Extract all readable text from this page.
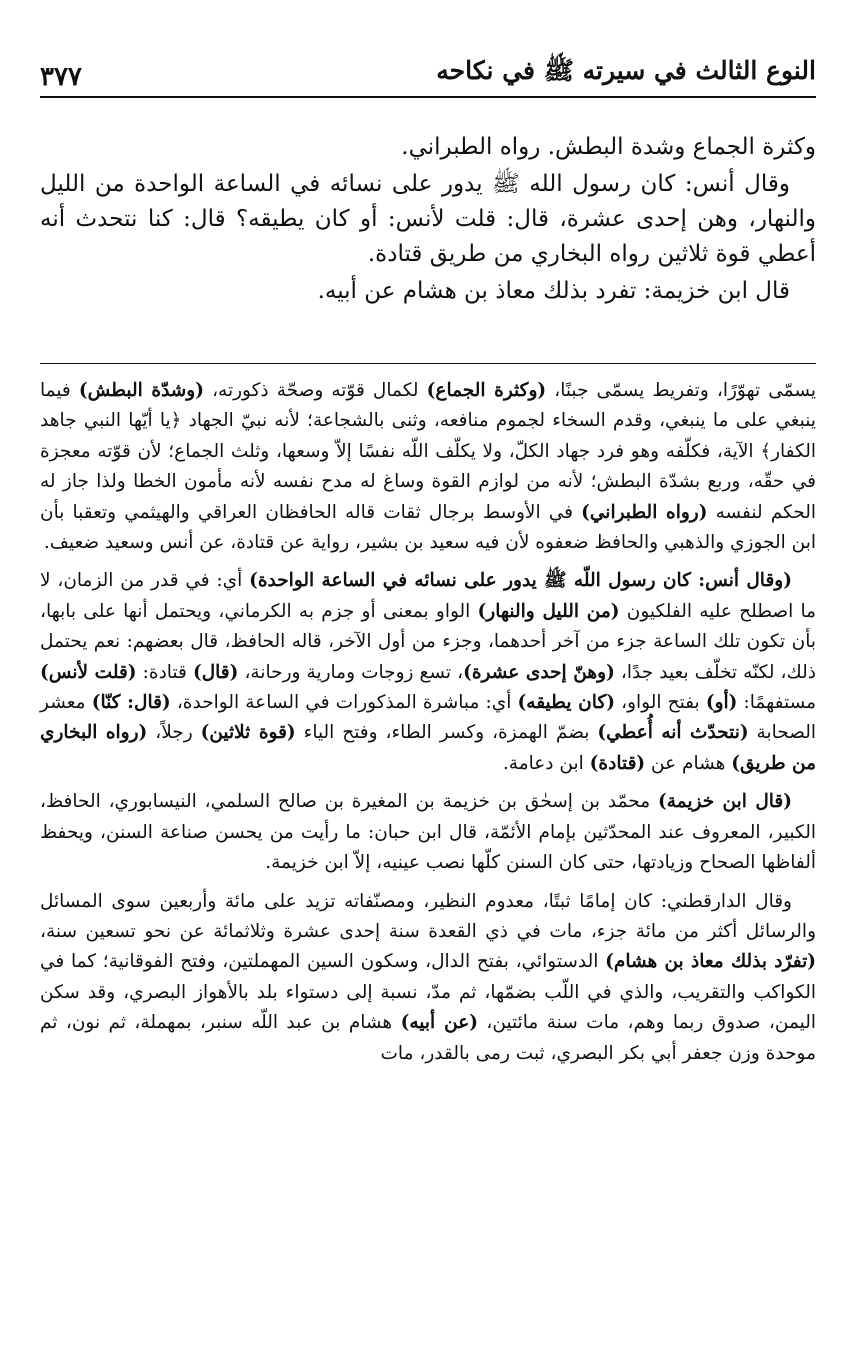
٣٧٧	النوع الثالث في سيرته ﷺ في نكاحه

وكثرة الجماع وشدة البطش. رواه الطبراني.

وقال أنس: كان رسول الله ﷺ يدور على نسائه في الساعة الواحدة من الليل والنهار، وهن إحدى عشرة، قال: قلت لأنس: أو كان يطيقه؟ قال: كنا نتحدث أنه أعطي قوة ثلاثين رواه البخاري من طريق قتادة.

قال ابن خزيمة: تفرد بذلك معاذ بن هشام عن أبيه.

يسمّى تهوّرًا، وتفريط يسمّى جبنًا، (وكثرة الجماع) لكمال قوّته وصحّة ذكورته، (وشدّة البطش) فيما ينبغي على ما ينبغي، وقدم السخاء لجموم منافعه، وثنى بالشجاعة؛ لأنه نبيّ الجهاد ﴿يا أيّها النبي جاهد الكفار﴾ الآية، فكلّفه وهو فرد جهاد الكلّ، ولا يكلّف اللّه نفسًا إلاّ وسعها، وثلث الجماع؛ لأن قوّته معجزة في حقّه، وربع بشدّة البطش؛ لأنه من لوازم القوة وساغ له مدح نفسه لأنه مأمون الخطا ولذا جاز له الحكم لنفسه (رواه الطبراني) في الأوسط برجال ثقات قاله الحافظان العراقي والهيثمي وتعقبا بأن ابن الجوزي والذهبي والحافظ ضعفوه لأن فيه سعيد بن بشير، رواية عن قتادة، عن أنس وسعيد ضعيف.

(وقال أنس: كان رسول اللّه ﷺ يدور على نسائه في الساعة الواحدة) أي: في قدر من الزمان، لا ما اصطلح عليه الفلكيون (من الليل والنهار) الواو بمعنى أو جزم به الكرماني، ويحتمل أنها على بابها، بأن تكون تلك الساعة جزء من آخر أحدهما، وجزء من أول الآخر، قاله الحافظ، قال بعضهم: نعم يحتمل ذلك، لكنّه تخلّف بعيد جدًا، (وهنّ إحدى عشرة)، تسع زوجات ومارية ورحانة، (قال) قتادة: (قلت لأنس) مستفهمًا: (أو) بفتح الواو، (كان يطيقه) أي: مباشرة المذكورات في الساعة الواحدة، (قال: كنّا) معشر الصحابة (نتحدّث أنه أُعطي) بضمّ الهمزة، وكسر الطاء، وفتح الياء (قوة ثلاثين) رجلاً، (رواه البخاري من طريق) هشام عن (قتادة) ابن دعامة.

(قال ابن خزيمة) محمّد بن إسحٰق بن خزيمة بن المغيرة بن صالح السلمي، النيسابوري، الحافظ، الكبير، المعروف عند المحدّثين بإمام الأئمّة، قال ابن حبان: ما رأيت من يحسن صناعة السنن، ويحفظ ألفاظها الصحاح وزيادتها، حتى كان السنن كلّها نصب عينيه، إلاّ ابن خزيمة.

وقال الدارقطني: كان إمامًا ثبتًا، معدوم النظير، ومصنّفاته تزيد على مائة وأربعين سوى المسائل والرسائل أكثر من مائة جزء، مات في ذي القعدة سنة إحدى عشرة وثلاثمائة عن نحو تسعين سنة، (تفرّد بذلك معاذ بن هشام) الدستوائي، بفتح الدال، وسكون السين المهملتين، وفتح الفوقانية؛ كما في الكواكب والتقريب، والذي في اللّب بضمّها، ثم مدّ، نسبة إلى دستواء بلد بالأهواز البصري، وقد سكن اليمن، صدوق ربما وهم، مات سنة مائتين، (عن أبيه) هشام بن عبد اللّه سنبر، بمهملة، ثم نون، ثم موحدة وزن جعفر أبي بكر البصري، ثبت رمى بالقدر، مات
